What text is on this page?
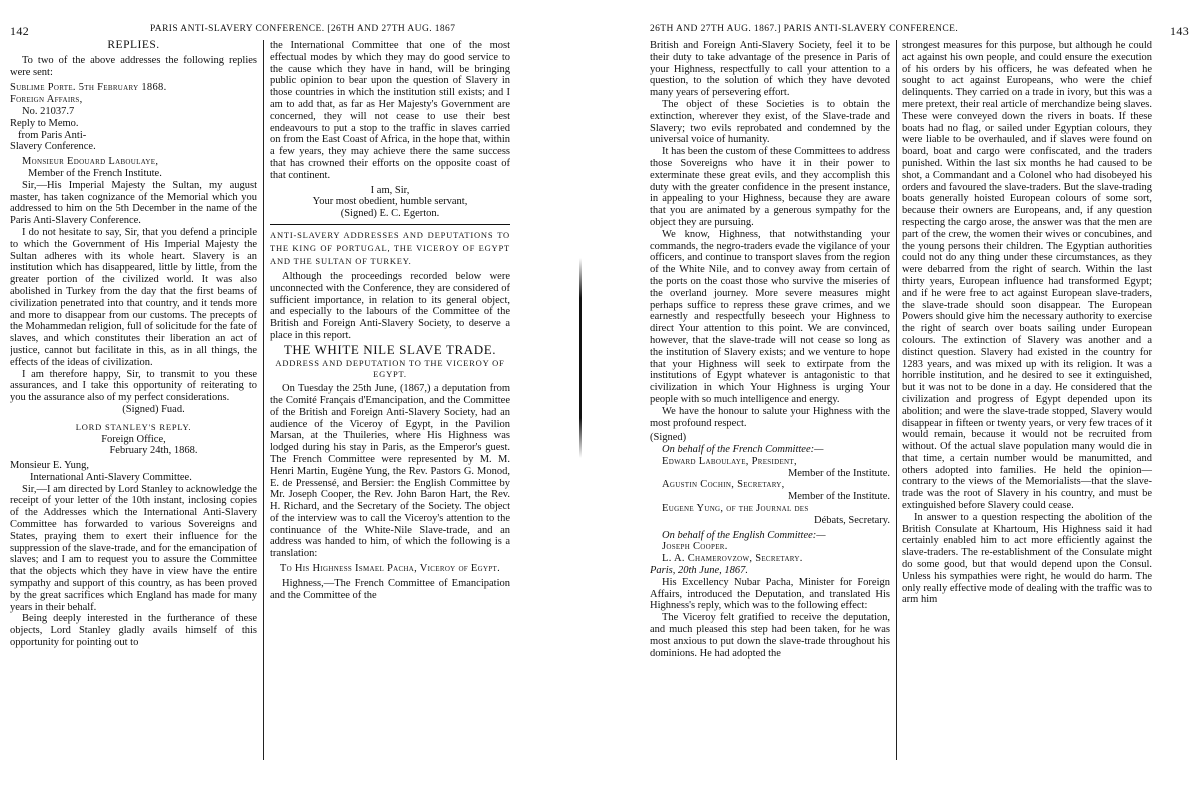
142	PARIS ANTI-SLAVERY CONFERENCE. [26TH AND 27TH AUG. 1867
REPLIES.

To two of the above addresses the following replies were sent:

Sublime Porte. 5th February 1868.

Foreign Affairs,

No. 21037.7

Reply to Memo.

from Paris Anti-

Slavery Conference.

Monsieur Edouard Laboulaye,

Member of the French Institute.

Sir,—His Imperial Majesty the Sultan, my august master, has taken cognizance of the Memorial which you addressed to him on the 5th December in the name of the Paris Anti-Slavery Conference.

I do not hesitate to say, Sir, that you defend a principle to which the Government of His Imperial Majesty the Sultan adheres with its whole heart. Slavery is an institution which has disappeared, little by little, from the greater portion of the civilized world. It was also abolished in Turkey from the day that the first beams of civilization penetrated into that country, and it tends more and more to disappear from our customs. The precepts of the Mohammedan religion, full of solicitude for the fate of slaves, and which constitutes their liberation an act of justice, cannot but facilitate in this, as in all things, the effects of the ideas of civilization.

I am therefore happy, Sir, to transmit to you these assurances, and I take this opportunity of reiterating to you the assurance also of my perfect considerations.

(Signed) Fuad.

LORD STANLEY'S REPLY.

Foreign Office,

February 24th, 1868.

Monsieur E. Yung,

International Anti-Slavery Committee.

Sir,—I am directed by Lord Stanley to acknowledge the receipt of your letter of the 10th instant, inclosing copies of the Addresses which the International Anti-Slavery Committee has forwarded to various Sovereigns and States, praying them to exert their influence for the suppression of the slave-trade, and for the emancipation of slaves; and I am to request you to assure the Committee that the objects which they have in view have the entire sympathy and support of this country, as has been proved by the great sacrifices which England has made for many years in their behalf.

Being deeply interested in the furtherance of these objects, Lord Stanley gladly avails himself of this opportunity for pointing out to

the International Committee that one of the most effectual modes by which they may do good service to the cause which they have in hand, will be bringing public opinion to bear upon the question of Slavery in those countries in which the institution still exists; and I am to add that, as far as Her Majesty's Government are concerned, they will not cease to use their best endeavours to put a stop to the traffic in slaves carried on from the East Coast of Africa, in the hope that, within a few years, they may achieve there the same success that has crowned their efforts on the opposite coast of that continent.

I am, Sir,

Your most obedient, humble servant,

(Signed) E. C. Egerton.

ANTI-SLAVERY ADDRESSES AND DEPUTATIONS TO THE KING OF PORTUGAL, THE VICEROY OF EGYPT AND THE SULTAN OF TURKEY.

Although the proceedings recorded below were unconnected with the Conference, they are considered of sufficient importance, in relation to its general object, and especially to the labours of the Committee of the British and Foreign Anti-Slavery Society, to deserve a place in this report.

THE WHITE NILE SLAVE TRADE.

ADDRESS AND DEPUTATION TO THE VICEROY OF EGYPT.

On Tuesday the 25th June, (1867,) a deputation from the Comité Français d'Emancipation, and the Committee of the British and Foreign Anti-Slavery Society, had an audience of the Viceroy of Egypt, in the Pavilion Marsan, at the Thuileries, where His Highness was lodged during his stay in Paris, as the Emperor's guest. The French Committee were represented by M. M. Henri Martin, Eugène Yung, the Rev. Pastors G. Monod, E. de Pressensé, and Bersier: the English Committee by Mr. Joseph Cooper, the Rev. John Baron Hart, the Rev. H. Richard, and the Secretary of the Society. The object of the interview was to call the Viceroy's attention to the continuance of the White-Nile Slave-trade, and an address was handed to him, of which the following is a translation:

To His Highness Ismael Pacha, Viceroy of Egypt.

Highness,—The French Committee of Emancipation and the Committee of the

26TH AND 27TH AUG. 1867.] PARIS ANTI-SLAVERY CONFERENCE.	143

British and Foreign Anti-Slavery Society, feel it to be their duty to take advantage of the presence in Paris of your Highness, respectfully to call your attention to a question, to the solution of which they have devoted many years of persevering effort.

The object of these Societies is to obtain the extinction, wherever they exist, of the Slave-trade and Slavery; two evils reprobated and condemned by the universal voice of humanity.

It has been the custom of these Committees to address those Sovereigns who have it in their power to exterminate these great evils, and they accomplish this duty with the greater confidence in the present instance, in appealing to your Highness, because they are aware that you are animated by a generous sympathy for the object they are pursuing.

We know, Highness, that notwithstanding your commands, the negro-traders evade the vigilance of your officers, and continue to transport slaves from the region of the White Nile, and to convey away from certain of the ports on the coast those who survive the miseries of the overland journey. More severe measures might perhaps suffice to repress these grave crimes, and we earnestly and respectfully beseech your Highness to direct Your attention to this point. We are convinced, however, that the slave-trade will not cease so long as the institution of Slavery exists; and we venture to hope that your Highness will seek to extirpate from the institutions of Egypt whatever is antagonistic to that civilization in which Your Highness is urging Your people with so much intelligence and energy.

We have the honour to salute your Highness with the most profound respect.

(Signed)

On behalf of the French Committee:—

Edward Laboulaye, President,

Member of the Institute.

Agustin Cochin, Secretary,

Member of the Institute.

Eugene Yung, of the Journal des

Débats, Secretary.

On behalf of the English Committee:—

Joseph Cooper.

L. A. Chamerovzow, Secretary.

Paris, 20th June, 1867.

His Excellency Nubar Pacha, Minister for Foreign Affairs, introduced the Deputation, and translated His Highness's reply, which was to the following effect:

The Viceroy felt gratified to receive the deputation, and much pleased this step had been taken, for he was most anxious to put down the slave-trade throughout his dominions. He had adopted the

strongest measures for this purpose, but although he could act against his own people, and could ensure the execution of his orders by his officers, he was defeated when he sought to act against Europeans, who were the chief delinquents. They carried on a trade in ivory, but this was a mere pretext, their real article of merchandize being slaves. These were conveyed down the rivers in boats. If these boats had no flag, or sailed under Egyptian colours, they were liable to be overhauled, and if slaves were found on board, boat and cargo were confiscated, and the traders punished. Within the last six months he had caused to be shot, a Commandant and a Colonel who had disobeyed his orders and favoured the slave-traders. But the slave-trading boats generally hoisted European colours of some sort, because their owners are Europeans, and, if any question respecting the cargo arose, the answer was that the men are part of the crew, the women their wives or concubines, and the young persons their children. The Egyptian authorities could not do any thing under these circumstances, as they were debarred from the right of search. Within the last thirty years, European influence had transformed Egypt; and if he were free to act against European slave-traders, the slave-trade should soon disappear. The European Powers should give him the necessary authority to exercise the right of search over boats sailing under European colours. The extinction of Slavery was another and a distinct question. Slavery had existed in the country for 1283 years, and was mixed up with its religion. It was a horrible institution, and he desired to see it extinguished, but it was not to be done in a day. He considered that the civilization and progress of Egypt depended upon its abolition; and were the slave-trade stopped, Slavery would disappear in fifteen or twenty years, or very few traces of it would remain, because it would not be recruited from without. Of the actual slave population many would die in that time, a certain number would be manumitted, and others adopted into families. He held the opinion—contrary to the views of the Memorialists—that the slave-trade was the root of Slavery in his country, and must be extinguished before Slavery could cease.

In answer to a question respecting the abolition of the British Consulate at Khartoum, His Highness said it had certainly enabled him to act more efficiently against the slave-traders. The re-establishment of the Consulate might do some good, but that would depend upon the Consul. Unless his sympathies were right, he would do harm. The only really effective mode of dealing with the traffic was to arm him
